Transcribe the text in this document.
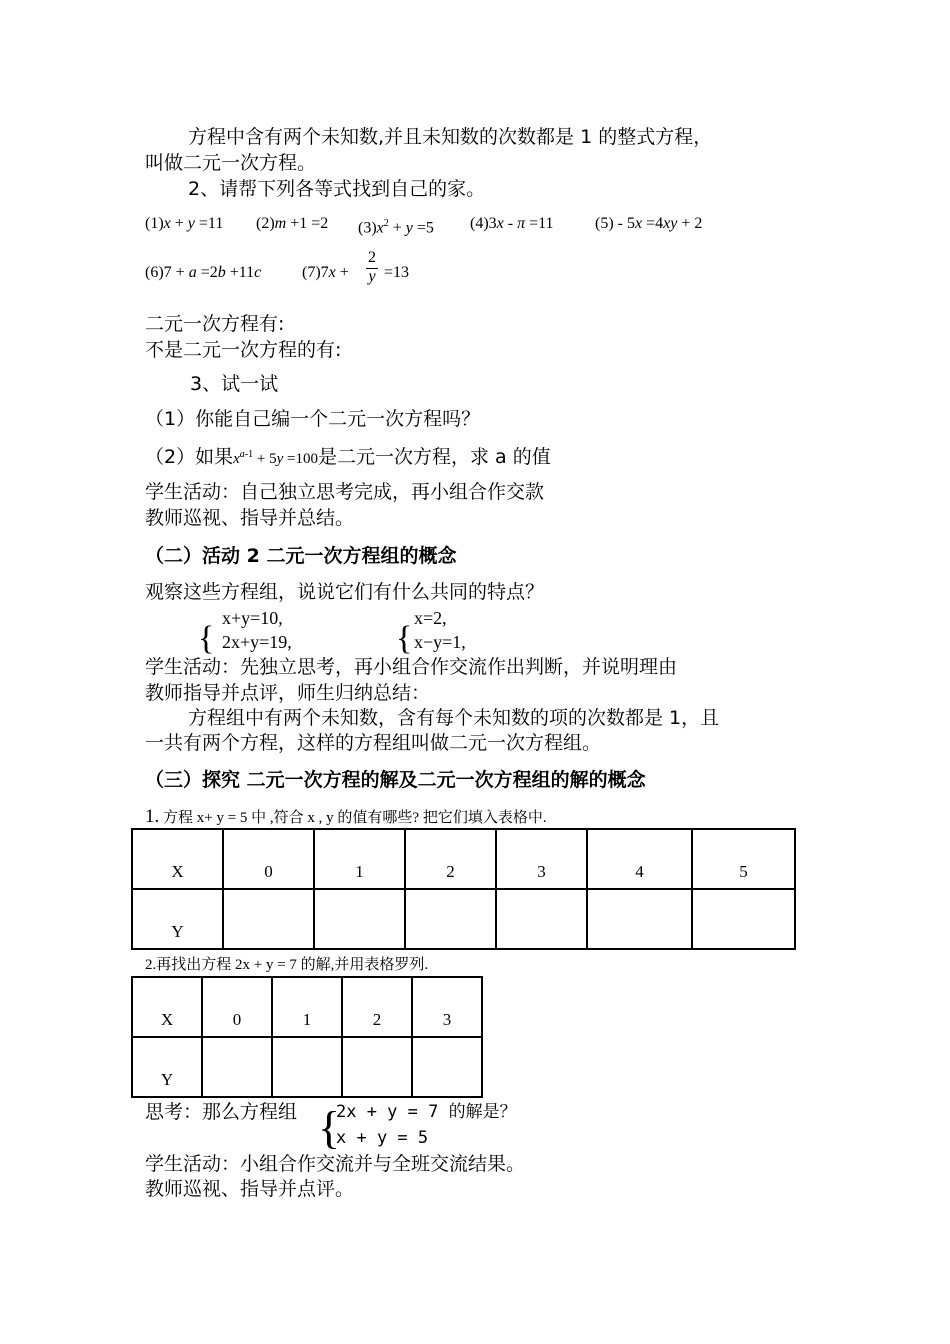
方程中含有两个未知数,并且未知数的次数都是 1 的整式方程，
叫做二元一次方程。
2、请帮下列各等式找到自己的家。
(1)x + y =11 (2)m +1 =2 $(3)x^2 + y =5$ (4)3x - π =11	(5) - 5x =4xy + 2
(6)7 + a =2b +11c	(7)7x +
2
y =13
二元一次方程有:
不是二元一次方程的有:
3、试一试
（1）你能自己编一个二元一次方程吗？
（2）如果$x^{a-1} + 5y =100$是二元一次方程，求 a 的值
学生活动：自己独立思考完成，再小组合作交款
教师巡视、指导并总结。
（二）活动 2 二元一次方程组的概念
观察这些方程组，说说它们有什么共同的特点？
x+y=10,
{ 2x+y=19,
x=2,
{ x−y=1,
学生活动：先独立思考，再小组合作交流作出判断，并说明理由
教师指导并点评，师生归纳总结：
方程组中有两个未知数，含有每个未知数的项的次数都是 1，且
一共有两个方程，这样的方程组叫做二元一次方程组。
（三）探究 二元一次方程的解及二元一次方程组的解的概念
1. 方程 x+ y = 5 中 ,符合 x , y 的值有哪些? 把它们填入表格中.
X	0	1	2	3	4	5
Y						
2.再找出方程 2x + y = 7 的解,并用表格罗列.
X	0	1	2	3
Y				
思考：那么方程组 {
2x + y = 7 的解是？
x + y = 5
学生活动：小组合作交流并与全班交流结果。
教师巡视、指导并点评。
